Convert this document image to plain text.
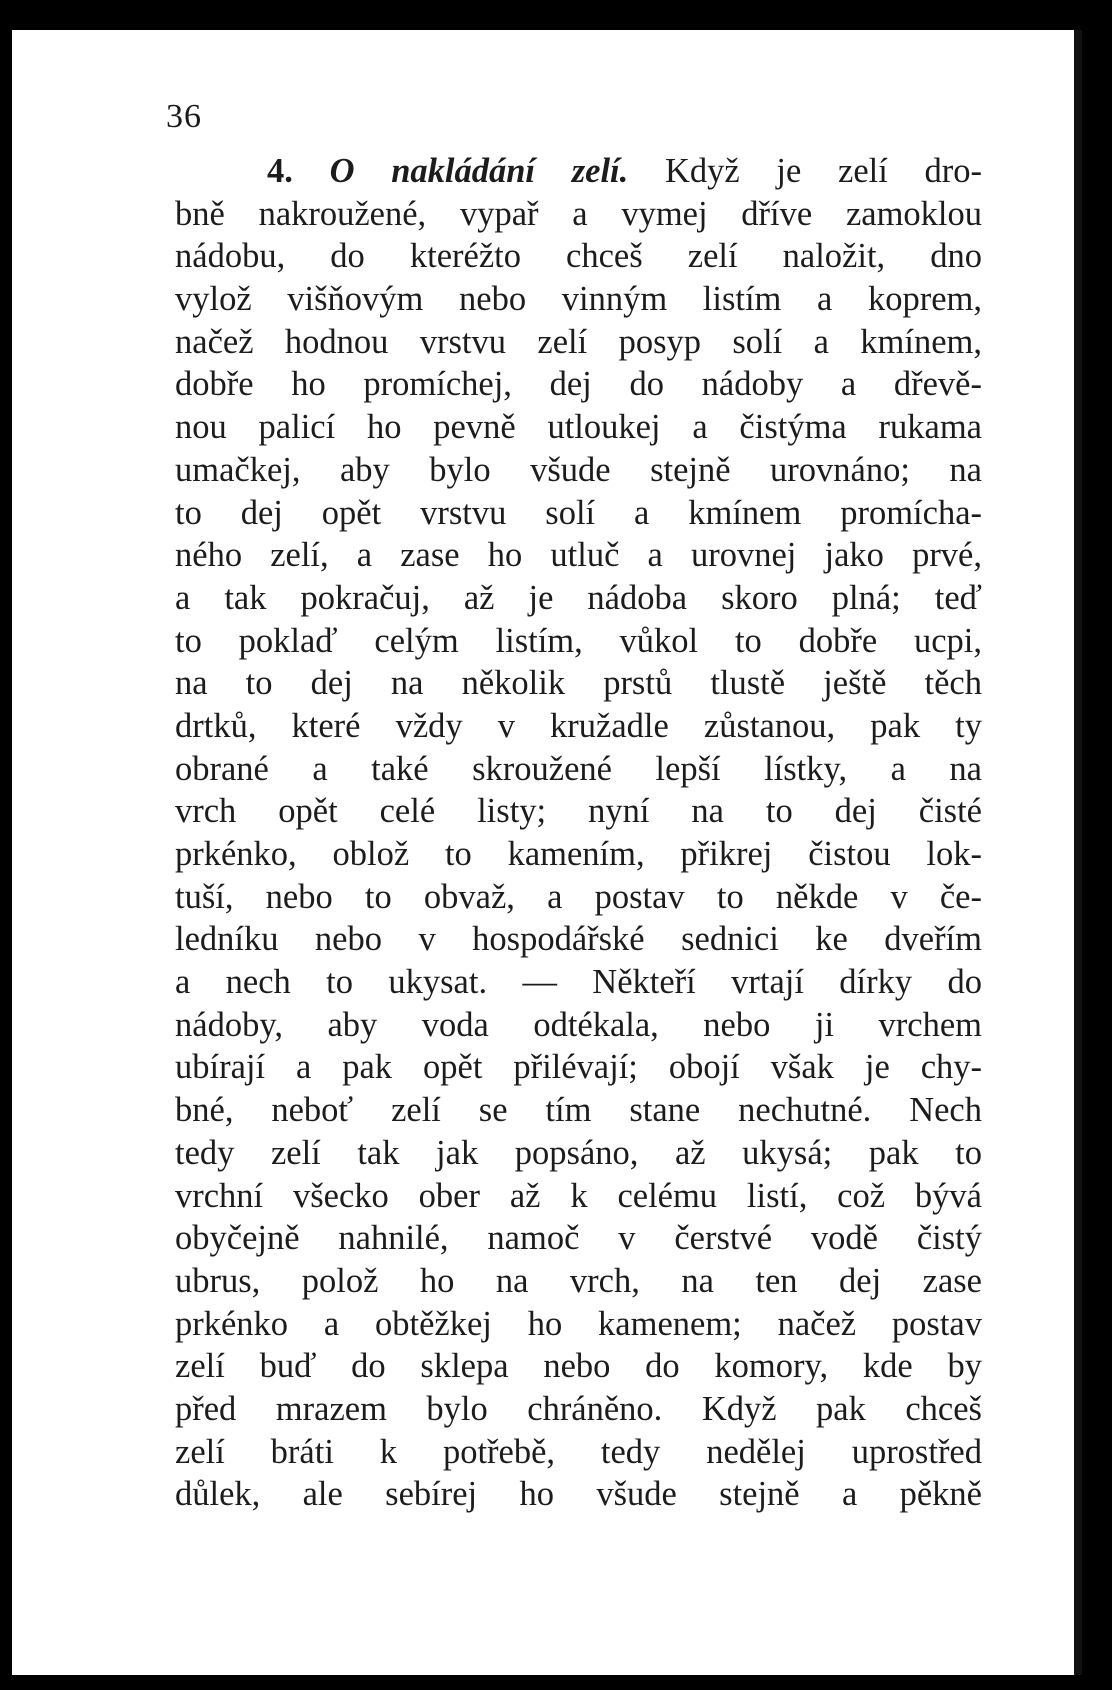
36
4. O nakládání zelí. Když je zelí dro-
bně nakroužené, vypař a vymej dříve zamoklou
nádobu, do kteréžto chceš zelí naložit, dno
vylož višňovým nebo vinným listím a koprem,
načež hodnou vrstvu zelí posyp solí a kmínem,
dobře ho promíchej, dej do nádoby a dřevě-
nou palicí ho pevně utloukej a čistýma rukama
umačkej, aby bylo všude stejně urovnáno; na
to dej opět vrstvu solí a kmínem promícha-
ného zelí, a zase ho utluč a urovnej jako prvé,
a tak pokračuj, až je nádoba skoro plná; teď
to poklaď celým listím, vůkol to dobře ucpi,
na to dej na několik prstů tlustě ještě těch
drtků, které vždy v kružadle zůstanou, pak ty
obrané a také skroužené lepší lístky, a na
vrch opět celé listy; nyní na to dej čisté
prkénko, oblož to kamením, přikrej čistou lok-
tuší, nebo to obvaž, a postav to někde v če-
ledníku nebo v hospodářské sednici ke dveřím
a nech to ukysat. — Někteří vrtají dírky do
nádoby, aby voda odtékala, nebo ji vrchem
ubírají a pak opět přilévají; obojí však je chy-
bné, neboť zelí se tím stane nechutné. Nech
tedy zelí tak jak popsáno, až ukysá; pak to
vrchní všecko ober až k celému listí, což bývá
obyčejně nahnilé, namoč v čerstvé vodě čistý
ubrus, polož ho na vrch, na ten dej zase
prkénko a obtěžkej ho kamenem; načež postav
zelí buď do sklepa nebo do komory, kde by
před mrazem bylo chráněno. Když pak chceš
zelí bráti k potřebě, tedy nedělej uprostřed
důlek, ale sebírej ho všude stejně a pěkně
